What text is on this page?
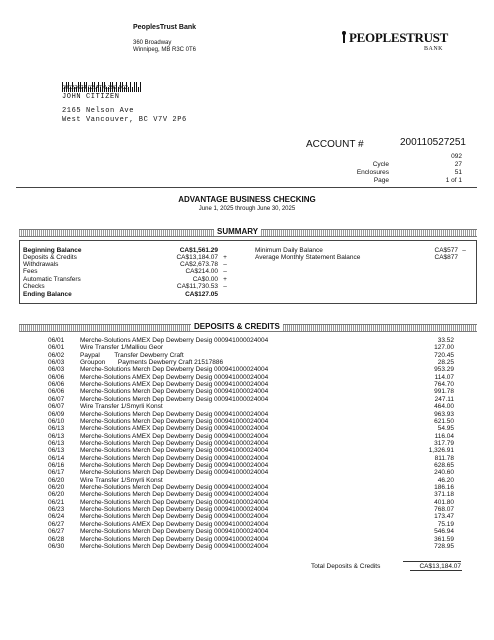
PeoplesTrust Bank
360 Broadway
Winnipeg, MB R3C 0T6
PEOPLESTRUST
BANK
00022674 02 AT 0.399 002
JOHN CITIZEN
2165 Nelson Ave
West Vancouver, BC V7V 2P6
ACCOUNT #	200110527251
092
Cycle	27
Enclosures	51
Page	1 of 1
ADVANTAGE BUSINESS CHECKING
June 1, 2025 through June 30, 2025
SUMMARY
Beginning Balance	CA$1,561.29
Deposits & Credits	CA$13,184.07 +
Withdrawals	CA$2,673.78 –
Fees	CA$214.00 –
Automatic Transfers	CA$0.00 +
Checks	CA$11,730.53 –
Ending Balance	CA$127.05
Minimum Daily Balance	CA$577 –
Average Monthly Statement Balance	CA$877
DEPOSITS & CREDITS
06/01 Merche-Solutions AMEX Dep Dewberry Desig 000941000024004	33.52
06/01 Wire Transfer 1/Malliou Geor	127.00
06/02 Paypal        Transfer Dewberry Craft	720.45
06/03 Groupon       Payments Dewberry Craft 21517886	28.25
06/03 Merche-Solutions Merch Dep Dewberry Desig 000941000024004	953.29
06/06 Merche-Solutions AMEX Dep Dewberry Desig 000941000024004	114.07
06/06 Merche-Solutions AMEX Dep Dewberry Desig 000941000024004	764.70
06/06 Merche-Solutions Merch Dep Dewberry Desig 000941000024004	991.78
06/07 Merche-Solutions Merch Dep Dewberry Desig 000941000024004	247.11
06/07 Wire Transfer 1/Smyrli Konst	464.00
06/09 Merche-Solutions Merch Dep Dewberry Desig 000941000024004	963.93
06/10 Merche-Solutions Merch Dep Dewberry Desig 000941000024004	621.50
06/13 Merche-Solutions AMEX Dep Dewberry Desig 000941000024004	54.95
06/13 Merche-Solutions AMEX Dep Dewberry Desig 000941000024004	116.04
06/13 Merche-Solutions Merch Dep Dewberry Desig 000941000024004	317.79
06/13 Merche-Solutions Merch Dep Dewberry Desig 000941000024004	1,326.91
06/14 Merche-Solutions Merch Dep Dewberry Desig 000941000024004	811.78
06/16 Merche-Solutions Merch Dep Dewberry Desig 000941000024004	628.65
06/17 Merche-Solutions Merch Dep Dewberry Desig 000941000024004	240.60
06/20 Wire Transfer 1/Smyrli Konst	46.20
06/20 Merche-Solutions Merch Dep Dewberry Desig 000941000024004	186.16
06/20 Merche-Solutions Merch Dep Dewberry Desig 000941000024004	371.18
06/21 Merche-Solutions Merch Dep Dewberry Desig 000941000024004	401.80
06/23 Merche-Solutions Merch Dep Dewberry Desig 000941000024004	768.07
06/24 Merche-Solutions Merch Dep Dewberry Desig 000941000024004	173.47
06/27 Merche-Solutions AMEX Dep Dewberry Desig 000941000024004	75.19
06/27 Merche-Solutions Merch Dep Dewberry Desig 000941000024004	546.94
06/28 Merche-Solutions Merch Dep Dewberry Desig 000941000024004	361.59
06/30 Merche-Solutions Merch Dep Dewberry Desig 000941000024004	728.95
Total Deposits & Credits	CA$13,184.07
